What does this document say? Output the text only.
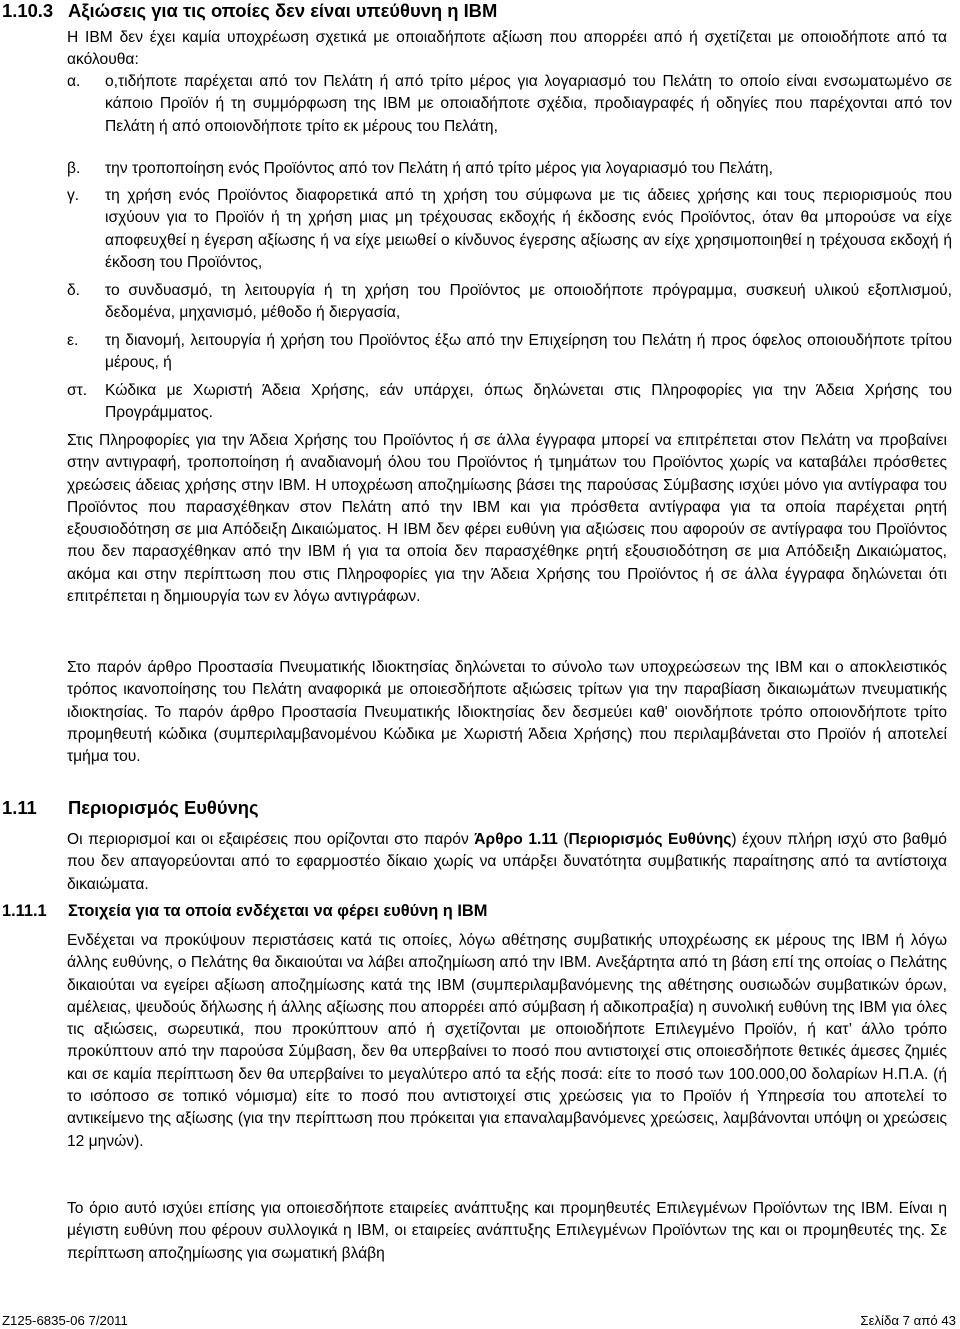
1.10.3 Αξιώσεις για τις οποίες δεν είναι υπεύθυνη η IBM

Η IBM δεν έχει καμία υποχρέωση σχετικά με οποιαδήποτε αξίωση που απορρέει από ή σχετίζεται με οποιοδήποτε από τα ακόλουθα:

α. ο,τιδήποτε παρέχεται από τον Πελάτη ή από τρίτο μέρος για λογαριασμό του Πελάτη το οποίο είναι ενσωματωμένο σε κάποιο Προϊόν ή τη συμμόρφωση της IBM με οποιαδήποτε σχέδια, προδιαγραφές ή οδηγίες που παρέχονται από τον Πελάτη ή από οποιονδήποτε τρίτο εκ μέρους του Πελάτη,
β. την τροποποίηση ενός Προϊόντος από τον Πελάτη ή από τρίτο μέρος για λογαριασμό του Πελάτη,
γ. τη χρήση ενός Προϊόντος διαφορετικά από τη χρήση του σύμφωνα με τις άδειες χρήσης και τους περιορισμούς που ισχύουν για το Προϊόν ή τη χρήση μιας μη τρέχουσας εκδοχής ή έκδοσης ενός Προϊόντος, όταν θα μπορούσε να είχε αποφευχθεί η έγερση αξίωσης ή να είχε μειωθεί ο κίνδυνος έγερσης αξίωσης αν είχε χρησιμοποιηθεί η τρέχουσα εκδοχή ή έκδοση του Προϊόντος,
δ. το συνδυασμό, τη λειτουργία ή τη χρήση του Προϊόντος με οποιοδήποτε πρόγραμμα, συσκευή υλικού εξοπλισμού, δεδομένα, μηχανισμό, μέθοδο ή διεργασία,
ε. τη διανομή, λειτουργία ή χρήση του Προϊόντος έξω από την Επιχείρηση του Πελάτη ή προς όφελος οποιουδήποτε τρίτου μέρους, ή
στ. Κώδικα με Χωριστή Άδεια Χρήσης, εάν υπάρχει, όπως δηλώνεται στις Πληροφορίες για την Άδεια Χρήσης του Προγράμματος.

Στις Πληροφορίες για την Άδεια Χρήσης του Προϊόντος ή σε άλλα έγγραφα μπορεί να επιτρέπεται στον Πελάτη να προβαίνει στην αντιγραφή, τροποποίηση ή αναδιανομή όλου του Προϊόντος ή τμημάτων του Προϊόντος χωρίς να καταβάλει πρόσθετες χρεώσεις άδειας χρήσης στην IBM. Η υποχρέωση αποζημίωσης βάσει της παρούσας Σύμβασης ισχύει μόνο για αντίγραφα του Προϊόντος που παρασχέθηκαν στον Πελάτη από την IBM και για πρόσθετα αντίγραφα για τα οποία παρέχεται ρητή εξουσιοδότηση σε μια Απόδειξη Δικαιώματος. Η IBM δεν φέρει ευθύνη για αξιώσεις που αφορούν σε αντίγραφα του Προϊόντος που δεν παρασχέθηκαν από την IBM ή για τα οποία δεν παρασχέθηκε ρητή εξουσιοδότηση σε μια Απόδειξη Δικαιώματος, ακόμα και στην περίπτωση που στις Πληροφορίες για την Άδεια Χρήσης του Προϊόντος ή σε άλλα έγγραφα δηλώνεται ότι επιτρέπεται η δημιουργία των εν λόγω αντιγράφων.

Στο παρόν άρθρο Προστασία Πνευματικής Ιδιοκτησίας δηλώνεται το σύνολο των υποχρεώσεων της IBM και ο αποκλειστικός τρόπος ικανοποίησης του Πελάτη αναφορικά με οποιεσδήποτε αξιώσεις τρίτων για την παραβίαση δικαιωμάτων πνευματικής ιδιοκτησίας. Το παρόν άρθρο Προστασία Πνευματικής Ιδιοκτησίας δεν δεσμεύει καθ' οιονδήποτε τρόπο οποιονδήποτε τρίτο προμηθευτή κώδικα (συμπεριλαμβανομένου Κώδικα με Χωριστή Άδεια Χρήσης) που περιλαμβάνεται στο Προϊόν ή αποτελεί τμήμα του.

1.11 Περιορισμός Ευθύνης

Οι περιορισμοί και οι εξαιρέσεις που ορίζονται στο παρόν Άρθρο 1.11 (Περιορισμός Ευθύνης) έχουν πλήρη ισχύ στο βαθμό που δεν απαγορεύονται από το εφαρμοστέο δίκαιο χωρίς να υπάρξει δυνατότητα συμβατικής παραίτησης από τα αντίστοιχα δικαιώματα.

1.11.1 Στοιχεία για τα οποία ενδέχεται να φέρει ευθύνη η IBM

Ενδέχεται να προκύψουν περιστάσεις κατά τις οποίες, λόγω αθέτησης συμβατικής υποχρέωσης εκ μέρους της IBM ή λόγω άλλης ευθύνης, ο Πελάτης θα δικαιούται να λάβει αποζημίωση από την IBM. Ανεξάρτητα από τη βάση επί της οποίας ο Πελάτης δικαιούται να εγείρει αξίωση αποζημίωσης κατά της IBM (συμπεριλαμβανόμενης της αθέτησης ουσιωδών συμβατικών όρων, αμέλειας, ψευδούς δήλωσης ή άλλης αξίωσης που απορρέει από σύμβαση ή αδικοπραξία) η συνολική ευθύνη της IBM για όλες τις αξιώσεις, σωρευτικά, που προκύπτουν από ή σχετίζονται με οποιοδήποτε Επιλεγμένο Προϊόν, ή κατ’ άλλο τρόπο προκύπτουν από την παρούσα Σύμβαση, δεν θα υπερβαίνει το ποσό που αντιστοιχεί στις οποιεσδήποτε θετικές άμεσες ζημιές και σε καμία περίπτωση δεν θα υπερβαίνει το μεγαλύτερο από τα εξής ποσά: είτε το ποσό των 100.000,00 δολαρίων Η.Π.Α. (ή το ισόποσο σε τοπικό νόμισμα) είτε το ποσό που αντιστοιχεί στις χρεώσεις για το Προϊόν ή Υπηρεσία του αποτελεί το αντικείμενο της αξίωσης (για την περίπτωση που πρόκειται για επαναλαμβανόμενες χρεώσεις, λαμβάνονται υπόψη οι χρεώσεις 12 μηνών).

Το όριο αυτό ισχύει επίσης για οποιεσδήποτε εταιρείες ανάπτυξης και προμηθευτές Επιλεγμένων Προϊόντων της IBM. Είναι η μέγιστη ευθύνη που φέρουν συλλογικά η IBM, οι εταιρείες ανάπτυξης Επιλεγμένων Προϊόντων της και οι προμηθευτές της. Σε περίπτωση αποζημίωσης για σωματική βλάβη

Z125-6835-06 7/2011	Σελίδα 7 από 43
